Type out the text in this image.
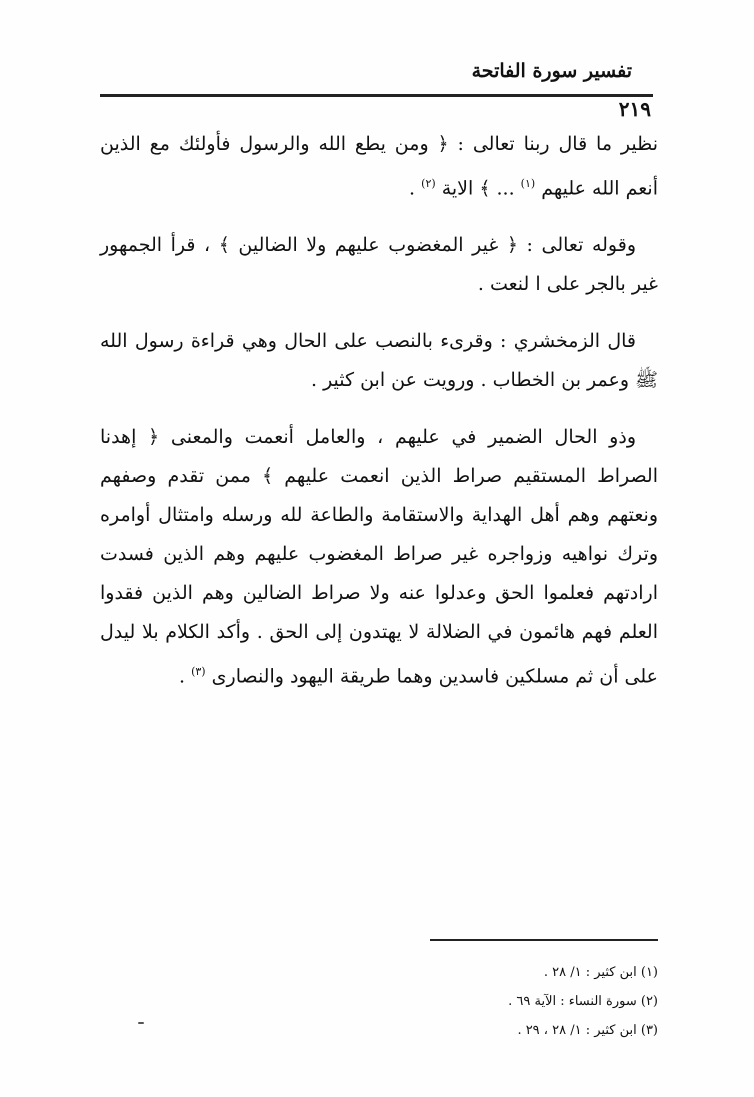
تفسير سورة الفاتحة
٢١٩

نظير ما قال ربنا تعالى : ﴿ ومن يطع الله والرسول فأولئك مع الذين أنعم الله عليهم $^{(١)}$ ... ﴾ الاية $^{(٢)}$ .

وقوله تعالى : ﴿ غير المغضوب عليهم ولا الضالين ﴾ ، قرأ الجمهور غير بالجر على ا لنعت .

قال الزمخشري : وقرىء بالنصب على الحال وهي قراءة رسول الله ﷺ وعمر بن الخطاب . ورويت عن ابن كثير .

وذو الحال الضمير في عليهم ، والعامل أنعمت والمعنى ﴿ إهدنا الصراط المستقيم صراط الذين انعمت عليهم ﴾ ممن تقدم وصفهم ونعتهم وهم أهل الهداية والاستقامة والطاعة لله ورسله وامتثال أوامره وترك نواهيه وزواجره غير صراط المغضوب عليهم وهم الذين فسدت ارادتهم فعلموا الحق وعدلوا عنه ولا صراط الضالين وهم الذين فقدوا العلم فهم هائمون في الضلالة لا يهتدون إلى الحق . وأكد الكلام بلا ليدل على أن ثم مسلكين فاسدين وهما طريقة اليهود والنصارى $^{(٣)}$ .

(١) ابن كثير : ١/ ٢٨ .

(٢) سورة النساء : الآية ٦٩ .

(٣) ابن كثير : ١/ ٢٨ ، ٢٩ .
